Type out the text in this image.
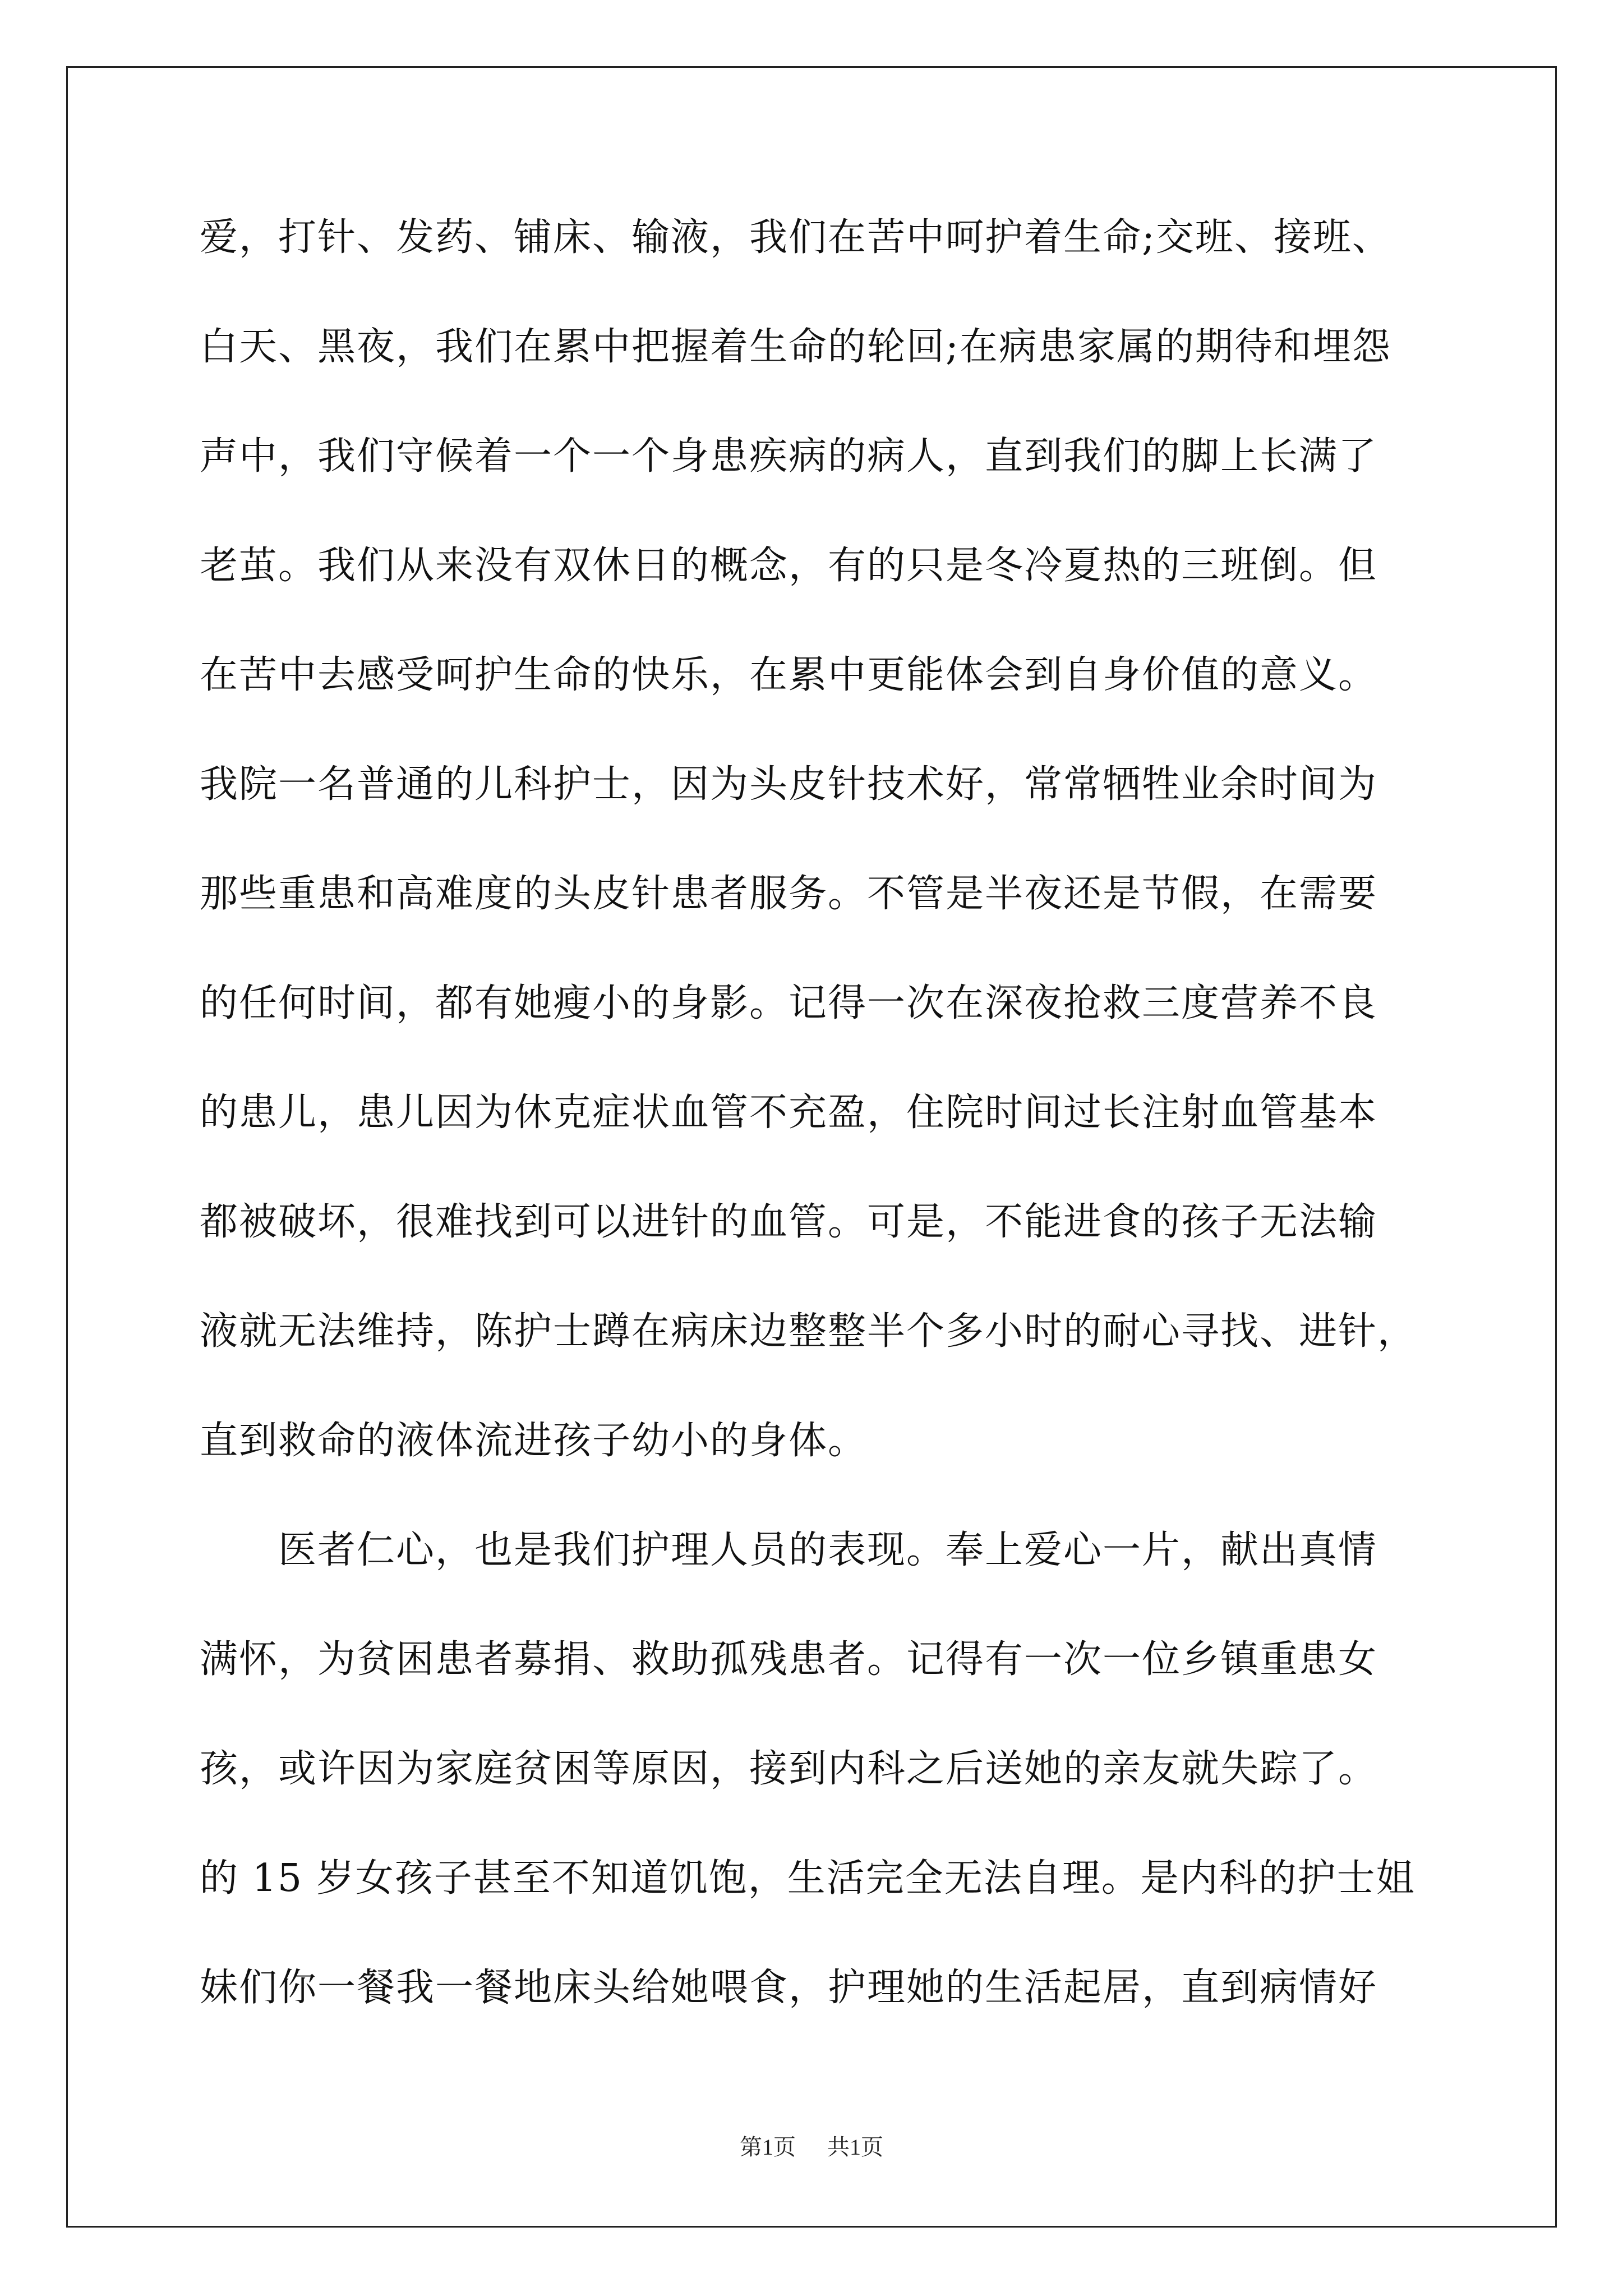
爱，打针、发药、铺床、输液，我们在苦中呵护着生命;交班、接班、
白天、黑夜，我们在累中把握着生命的轮回;在病患家属的期待和埋怨
声中，我们守候着一个一个身患疾病的病人，直到我们的脚上长满了
老茧。我们从来没有双休日的概念，有的只是冬冷夏热的三班倒。但
在苦中去感受呵护生命的快乐，在累中更能体会到自身价值的意义。
我院一名普通的儿科护士，因为头皮针技术好，常常牺牲业余时间为
那些重患和高难度的头皮针患者服务。不管是半夜还是节假，在需要
的任何时间，都有她瘦小的身影。记得一次在深夜抢救三度营养不良
的患儿，患儿因为休克症状血管不充盈，住院时间过长注射血管基本
都被破坏，很难找到可以进针的血管。可是，不能进食的孩子无法输
液就无法维持，陈护士蹲在病床边整整半个多小时的耐心寻找、进针，
直到救命的液体流进孩子幼小的身体。
　　医者仁心，也是我们护理人员的表现。奉上爱心一片，献出真情
满怀，为贫困患者募捐、救助孤残患者。记得有一次一位乡镇重患女
孩，或许因为家庭贫困等原因，接到内科之后送她的亲友就失踪了。
的 15 岁女孩子甚至不知道饥饱，生活完全无法自理。是内科的护士姐
妹们你一餐我一餐地床头给她喂食，护理她的生活起居，直到病情好
第1页 共1页
